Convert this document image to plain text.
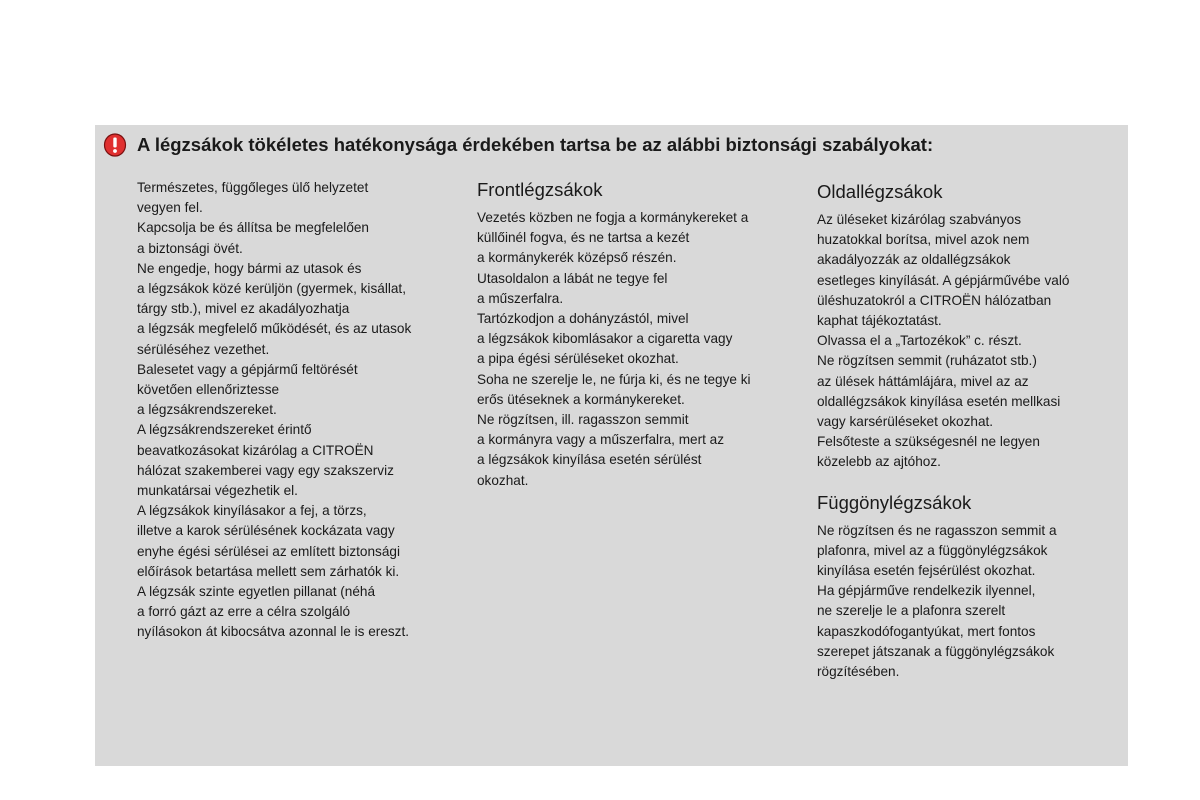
A légzsákok tökéletes hatékonysága érdekében tartsa be az alábbi biztonsági szabályokat:
Természetes, függőleges ülő helyzetet
vegyen fel.
Kapcsolja be és állítsa be megfelelően
a biztonsági övét.
Ne engedje, hogy bármi az utasok és
a légzsákok közé kerüljön (gyermek, kisállat,
tárgy stb.), mivel ez akadályozhatja
a légzsák megfelelő működését, és az utasok
sérüléséhez vezethet.
Balesetet vagy a gépjármű feltörését
követően ellenőriztesse
a légzsákrendszereket.
A légzsákrendszereket érintő
beavatkozásokat kizárólag a CITROËN
hálózat szakemberei vagy egy szakszerviz
munkatársai végezhetik el.
A légzsákok kinyílásakor a fej, a törzs,
illetve a karok sérülésének kockázata vagy
enyhe égési sérülései az említett biztonsági
előírások betartása mellett sem zárhatók ki.
A légzsák szinte egyetlen pillanat (néhá
a forró gázt az erre a célra szolgáló
nyílásokon át kibocsátva azonnal le is ereszt.
Frontlégzsákok
Vezetés közben ne fogja a kormánykereket a
küllőinél fogva, és ne tartsa a kezét
a kormánykerék középső részén.
Utasoldalon a lábát ne tegye fel
a műszerfalra.
Tartózkodjon a dohányzástól, mivel
a légzsákok kibomlásakor a cigaretta vagy
a pipa égési sérüléseket okozhat.
Soha ne szerelje le, ne fúrja ki, és ne tegye ki
erős ütéseknek a kormánykereket.
Ne rögzítsen, ill. ragasszon semmit
a kormányra vagy a műszerfalra, mert az
a légzsákok kinyílása esetén sérülést
okozhat.
Oldallégzsákok
Az üléseket kizárólag szabványos
huzatokkal borítsa, mivel azok nem
akadályozzák az oldallégzsákok
esetleges kinyílását. A gépjárművébe való
üléshuzatokról a CITROËN hálózatban
kaphat tájékoztatást.
Olvassa el a „Tartozékok” c. részt.
Ne rögzítsen semmit (ruházatot stb.)
az ülések háttámlájára, mivel az az
oldallégzsákok kinyílása esetén mellkasi
vagy karsérüléseket okozhat.
Felsőteste a szükségesnél ne legyen
közelebb az ajtóhoz.
Függönylégzsákok
Ne rögzítsen és ne ragasszon semmit a
plafonra, mivel az a függönylégzsákok
kinyílása esetén fejsérülést okozhat.
Ha gépjárműve rendelkezik ilyennel,
ne szerelje le a plafonra szerelt
kapaszkodófogantyúkat, mert fontos
szerepet játszanak a függönylégzsákok
rögzítésében.
